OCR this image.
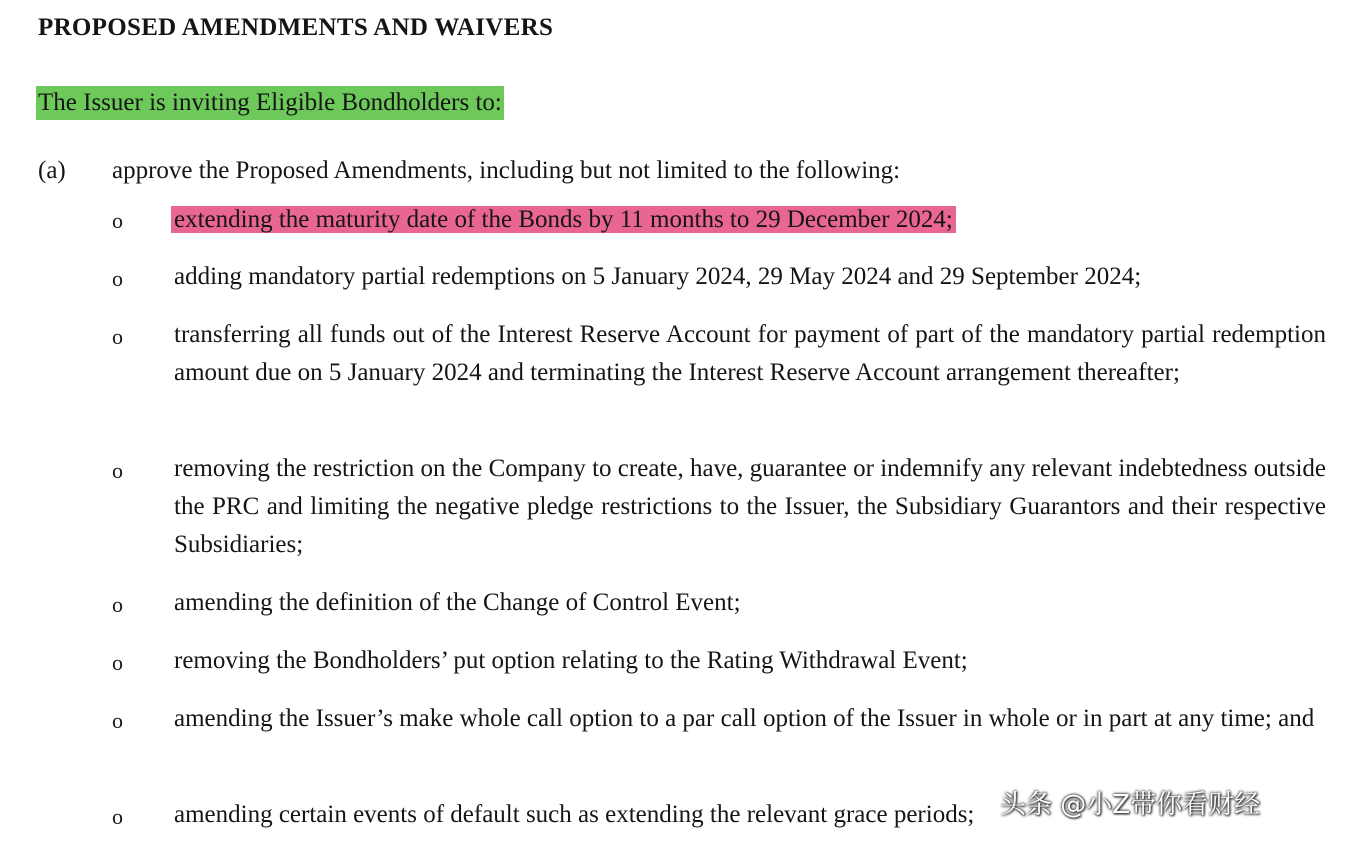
PROPOSED AMENDMENTS AND WAIVERS
The Issuer is inviting Eligible Bondholders to:
(a) approve the Proposed Amendments, including but not limited to the following:
o extending the maturity date of the Bonds by 11 months to 29 December 2024;
o adding mandatory partial redemptions on 5 January 2024, 29 May 2024 and 29 September 2024;
o transferring all funds out of the Interest Reserve Account for payment of part of the mandatory partial redemption amount due on 5 January 2024 and terminating the Interest Reserve Account arrangement thereafter;
o removing the restriction on the Company to create, have, guarantee or indemnify any relevant indebtedness outside the PRC and limiting the negative pledge restrictions to the Issuer, the Subsidiary Guarantors and their respective Subsidiaries;
o amending the definition of the Change of Control Event;
o removing the Bondholders’ put option relating to the Rating Withdrawal Event;
o amending the Issuer’s make whole call option to a par call option of the Issuer in whole or in part at any time; and
o amending certain events of default such as extending the relevant grace periods; 头条 @小Z带你看财经
